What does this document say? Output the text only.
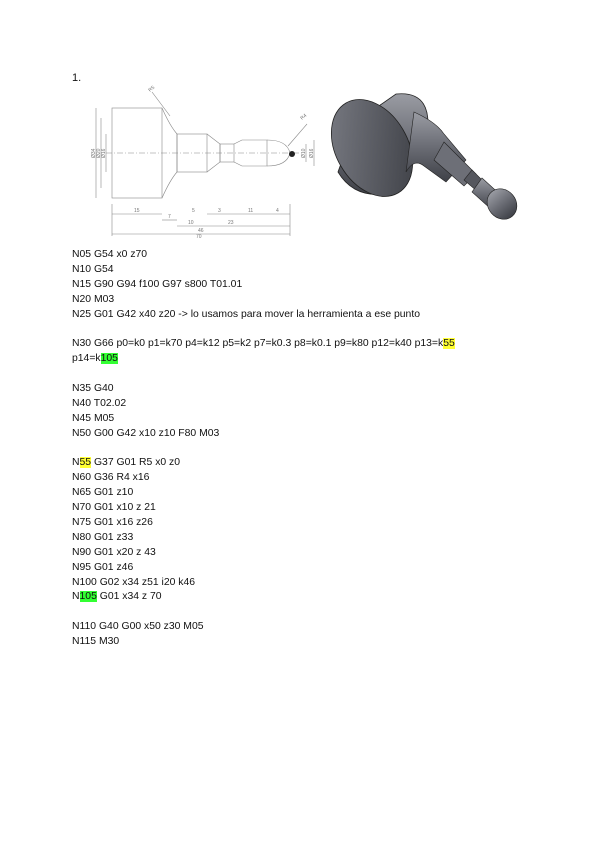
1.
R5
R4
Ø34 Ø20 Ø16	Ø10 Ø16
15
7
5	3	11	4
10	23
46
70
N05 G54 x0 z70
N10 G54
N15 G90 G94 f100 G97 s800 T01.01
N20 M03
N25 G01 G42 x40 z20 -> lo usamos para mover la herramienta a ese punto
N30 G66 p0=k0 p1=k70 p4=k12 p5=k2 p7=k0.3 p8=k0.1 p9=k80 p12=k40 p13=k55
p14=k105
N35 G40
N40 T02.02
N45 M05
N50 G00 G42 x10 z10 F80 M03
N55 G37 G01 R5 x0 z0
N60 G36 R4 x16
N65 G01 z10
N70 G01 x10 z 21
N75 G01 x16 z26
N80 G01 z33
N90 G01 x20 z 43
N95 G01 z46
N100 G02 x34 z51 i20 k46
N105 G01 x34 z 70
N110 G40 G00 x50 z30 M05
N115 M30
